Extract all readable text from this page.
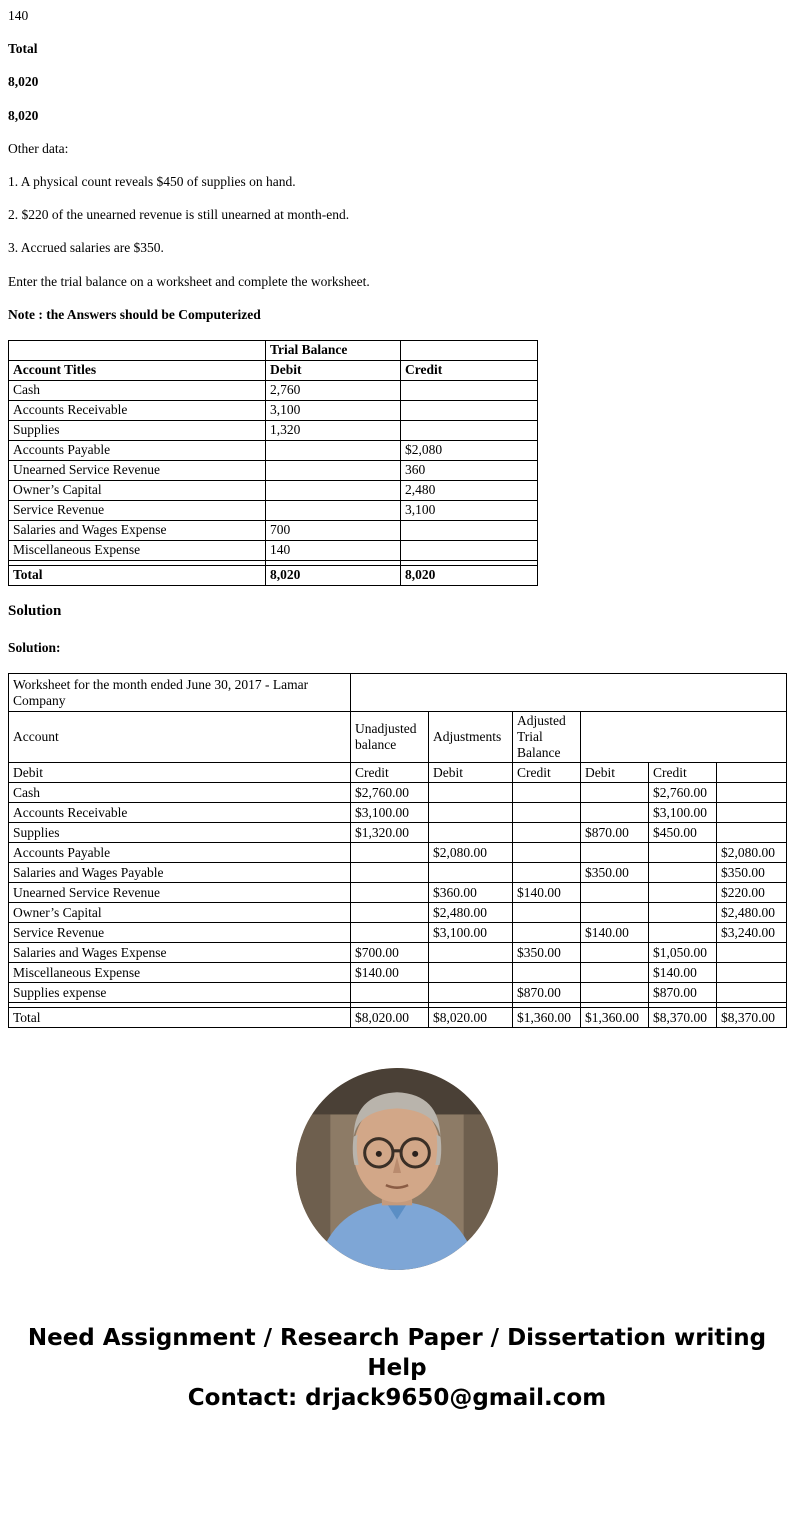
140

Total

8,020

8,020

Other data:

1. A physical count reveals $450 of supplies on hand.

2. $220 of the unearned revenue is still unearned at month-end.

3. Accrued salaries are $350.

Enter the trial balance on a worksheet and complete the worksheet.

Note : the Answers should be Computerized

	Trial Balance	
Account Titles	Debit	Credit
Cash	2,760	
Accounts Receivable	3,100	
Supplies	1,320	
Accounts Payable		$2,080
Unearned Service Revenue		360
Owner’s Capital		2,480
Service Revenue		3,100
Salaries and Wages Expense	700	
Miscellaneous Expense	140	

Total	8,020	8,020
Solution

Solution:

Worksheet for the month ended June 30, 2017 - Lamar Company						
Account	Unadjusted balance	Adjustments	Adjusted Trial Balance			
Debit	Credit	Debit	Credit	Debit	Credit	
Cash	$2,760.00				$2,760.00	
Accounts Receivable	$3,100.00				$3,100.00	
Supplies	$1,320.00			$870.00	$450.00	
Accounts Payable		$2,080.00				$2,080.00
Salaries and Wages Payable				$350.00		$350.00
Unearned Service Revenue		$360.00	$140.00			$220.00
Owner’s Capital		$2,480.00				$2,480.00
Service Revenue		$3,100.00		$140.00		$3,240.00
Salaries and Wages Expense	$700.00		$350.00		$1,050.00	
Miscellaneous Expense	$140.00				$140.00	
Supplies expense			$870.00		$870.00	

Total	$8,020.00	$8,020.00	$1,360.00	$1,360.00	$8,370.00	$8,370.00
Need Assignment / Research Paper / Dissertation writing Help
Contact: drjack9650@gmail.com
